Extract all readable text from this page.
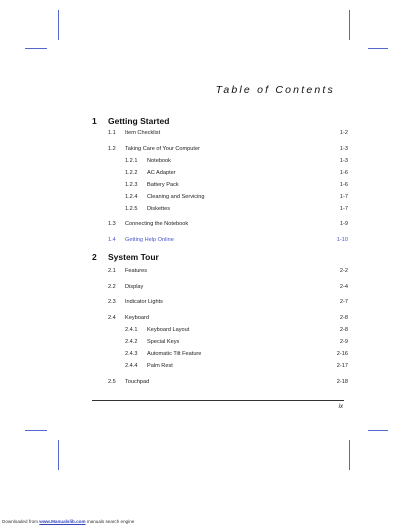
Table of Contents
1 Getting Started
1.1	Item Checklist	1-2
1.2	Taking Care of Your Computer	1-3
1.2.1	Notebook	1-3
1.2.2	AC Adapter	1-6
1.2.3	Battery Pack	1-6
1.2.4	Cleaning and Servicing	1-7
1.2.5	Diskettes	1-7
1.3	Connecting the Notebook	1-9
1.4	Getting Help Online	1-10
2 System Tour
2.1	Features	2-2
2.2	Display	2-4
2.3	Indicator Lights	2-7
2.4	Keyboard	2-8
2.4.1	Keyboard Layout	2-8
2.4.2	Special Keys	2-9
2.4.3	Automatic Tilt Feature	2-16
2.4.4	Palm Rest	2-17
2.5	Touchpad	2-18
ix
Downloaded from www.Manualslib.com manuals search engine
